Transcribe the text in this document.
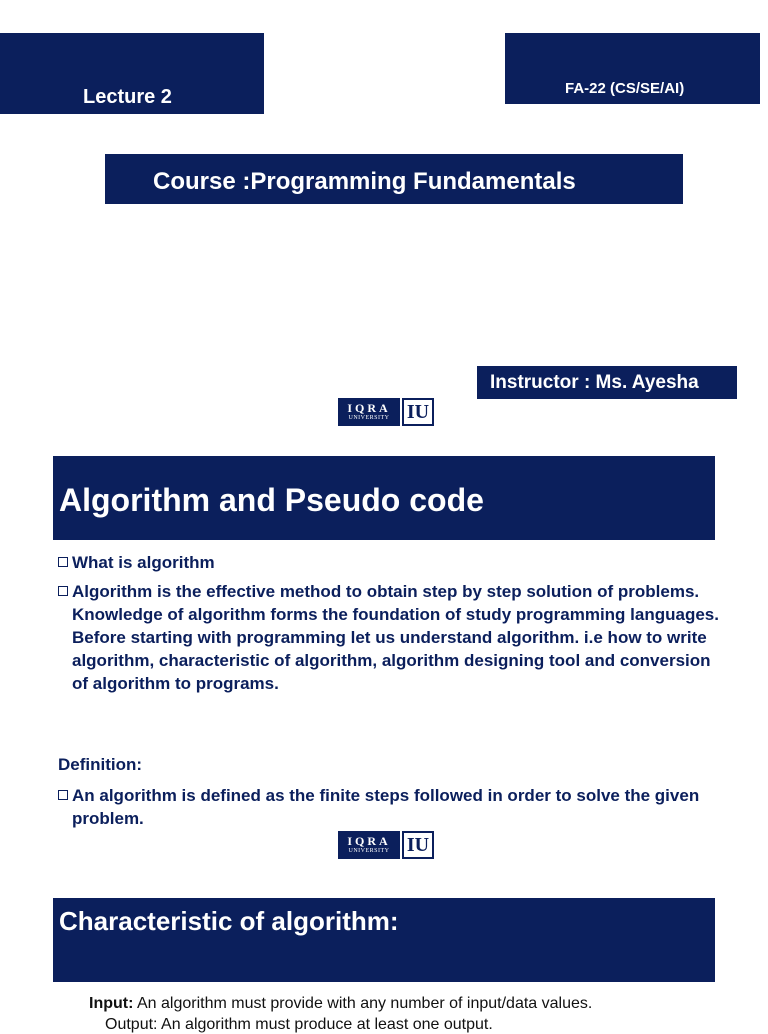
Lecture 2	FA-22 (CS/SE/AI)
Course :Programming Fundamentals
Instructor : Ms. Ayesha
IQRA
UNIVERSITY IU
Algorithm and Pseudo code
What is algorithm
Algorithm is the effective method to obtain step by step solution of problems. Knowledge of algorithm forms the foundation of study programming languages. Before starting with programming let us understand algorithm. i.e how to write algorithm, characteristic of algorithm, algorithm designing tool and conversion of algorithm to programs.
Definition:
An algorithm is defined as the finite steps followed in order to solve the given problem.
IQRA
UNIVERSITY IU
Characteristic of algorithm:
Input: An algorithm must provide with any number of input/data values.
Output: An algorithm must produce at least one output.
